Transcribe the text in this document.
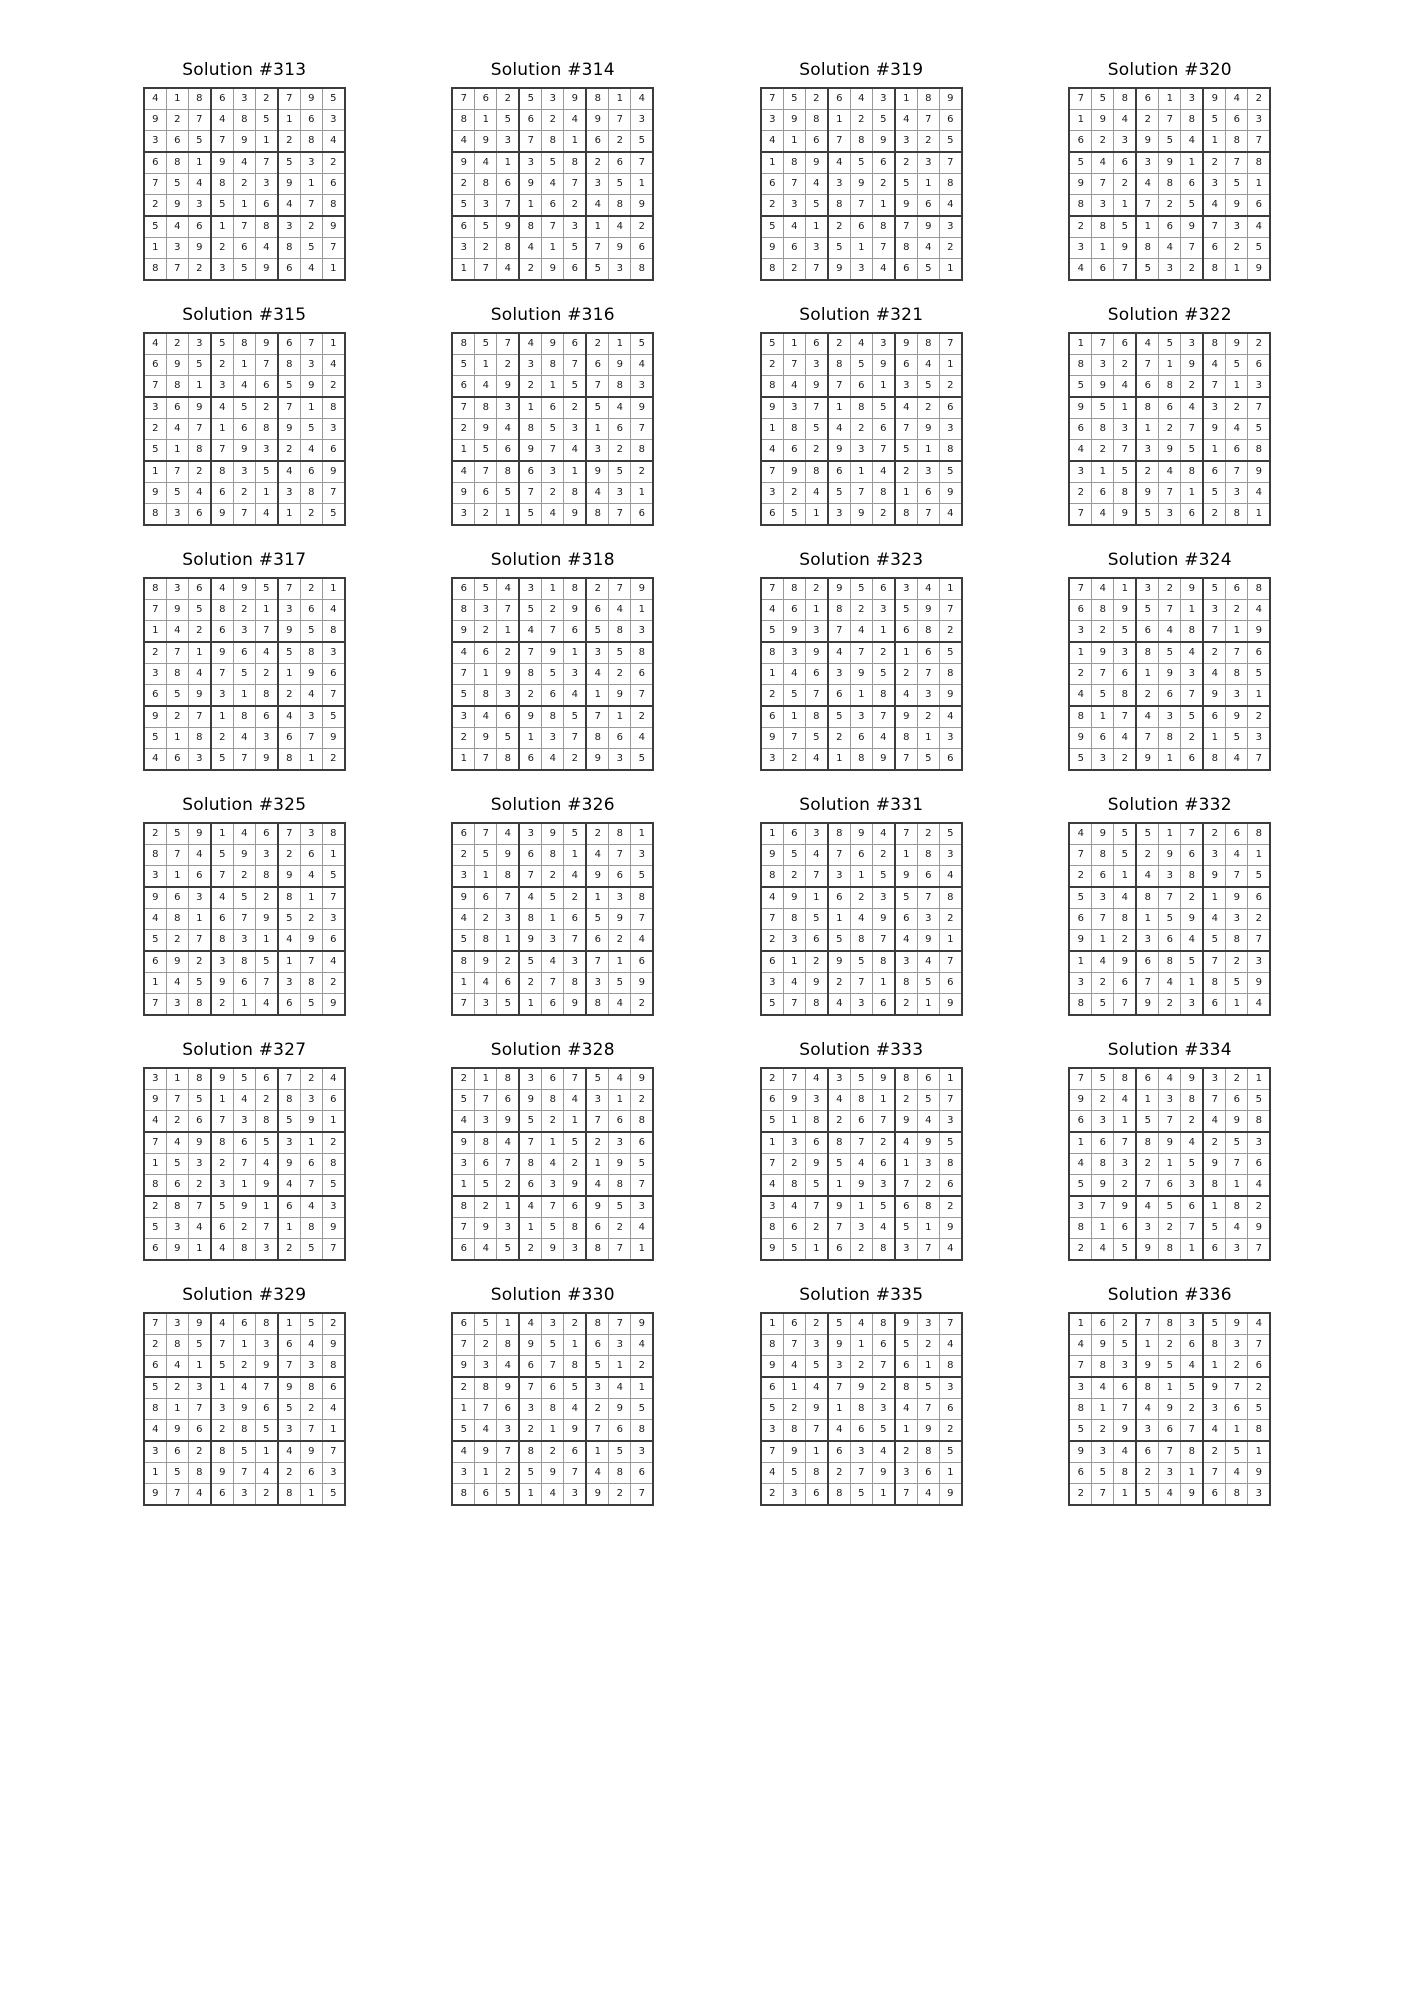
Solution #313
4	1	8	6	3	2	7	9	5
9	2	7	4	8	5	1	6	3
3	6	5	7	9	1	2	8	4
6	8	1	9	4	7	5	3	2
7	5	4	8	2	3	9	1	6
2	9	3	5	1	6	4	7	8
5	4	6	1	7	8	3	2	9
1	3	9	2	6	4	8	5	7
8	7	2	3	5	9	6	4	1
Solution #314
7	6	2	5	3	9	8	1	4
8	1	5	6	2	4	9	7	3
4	9	3	7	8	1	6	2	5
9	4	1	3	5	8	2	6	7
2	8	6	9	4	7	3	5	1
5	3	7	1	6	2	4	8	9
6	5	9	8	7	3	1	4	2
3	2	8	4	1	5	7	9	6
1	7	4	2	9	6	5	3	8
Solution #319
7	5	2	6	4	3	1	8	9
3	9	8	1	2	5	4	7	6
4	1	6	7	8	9	3	2	5
1	8	9	4	5	6	2	3	7
6	7	4	3	9	2	5	1	8
2	3	5	8	7	1	9	6	4
5	4	1	2	6	8	7	9	3
9	6	3	5	1	7	8	4	2
8	2	7	9	3	4	6	5	1
Solution #320
7	5	8	6	1	3	9	4	2
1	9	4	2	7	8	5	6	3
6	2	3	9	5	4	1	8	7
5	4	6	3	9	1	2	7	8
9	7	2	4	8	6	3	5	1
8	3	1	7	2	5	4	9	6
2	8	5	1	6	9	7	3	4
3	1	9	8	4	7	6	2	5
4	6	7	5	3	2	8	1	9
Solution #315
4	2	3	5	8	9	6	7	1
6	9	5	2	1	7	8	3	4
7	8	1	3	4	6	5	9	2
3	6	9	4	5	2	7	1	8
2	4	7	1	6	8	9	5	3
5	1	8	7	9	3	2	4	6
1	7	2	8	3	5	4	6	9
9	5	4	6	2	1	3	8	7
8	3	6	9	7	4	1	2	5
Solution #316
8	5	7	4	9	6	2	1	5
5	1	2	3	8	7	6	9	4
6	4	9	2	1	5	7	8	3
7	8	3	1	6	2	5	4	9
2	9	4	8	5	3	1	6	7
1	5	6	9	7	4	3	2	8
4	7	8	6	3	1	9	5	2
9	6	5	7	2	8	4	3	1
3	2	1	5	4	9	8	7	6
Solution #321
5	1	6	2	4	3	9	8	7
2	7	3	8	5	9	6	4	1
8	4	9	7	6	1	3	5	2
9	3	7	1	8	5	4	2	6
1	8	5	4	2	6	7	9	3
4	6	2	9	3	7	5	1	8
7	9	8	6	1	4	2	3	5
3	2	4	5	7	8	1	6	9
6	5	1	3	9	2	8	7	4
Solution #322
1	7	6	4	5	3	8	9	2
8	3	2	7	1	9	4	5	6
5	9	4	6	8	2	7	1	3
9	5	1	8	6	4	3	2	7
6	8	3	1	2	7	9	4	5
4	2	7	3	9	5	1	6	8
3	1	5	2	4	8	6	7	9
2	6	8	9	7	1	5	3	4
7	4	9	5	3	6	2	8	1
Solution #317
8	3	6	4	9	5	7	2	1
7	9	5	8	2	1	3	6	4
1	4	2	6	3	7	9	5	8
2	7	1	9	6	4	5	8	3
3	8	4	7	5	2	1	9	6
6	5	9	3	1	8	2	4	7
9	2	7	1	8	6	4	3	5
5	1	8	2	4	3	6	7	9
4	6	3	5	7	9	8	1	2
Solution #318
6	5	4	3	1	8	2	7	9
8	3	7	5	2	9	6	4	1
9	2	1	4	7	6	5	8	3
4	6	2	7	9	1	3	5	8
7	1	9	8	5	3	4	2	6
5	8	3	2	6	4	1	9	7
3	4	6	9	8	5	7	1	2
2	9	5	1	3	7	8	6	4
1	7	8	6	4	2	9	3	5
Solution #323
7	8	2	9	5	6	3	4	1
4	6	1	8	2	3	5	9	7
5	9	3	7	4	1	6	8	2
8	3	9	4	7	2	1	6	5
1	4	6	3	9	5	2	7	8
2	5	7	6	1	8	4	3	9
6	1	8	5	3	7	9	2	4
9	7	5	2	6	4	8	1	3
3	2	4	1	8	9	7	5	6
Solution #324
7	4	1	3	2	9	5	6	8
6	8	9	5	7	1	3	2	4
3	2	5	6	4	8	7	1	9
1	9	3	8	5	4	2	7	6
2	7	6	1	9	3	4	8	5
4	5	8	2	6	7	9	3	1
8	1	7	4	3	5	6	9	2
9	6	4	7	8	2	1	5	3
5	3	2	9	1	6	8	4	7
Solution #325
2	5	9	1	4	6	7	3	8
8	7	4	5	9	3	2	6	1
3	1	6	7	2	8	9	4	5
9	6	3	4	5	2	8	1	7
4	8	1	6	7	9	5	2	3
5	2	7	8	3	1	4	9	6
6	9	2	3	8	5	1	7	4
1	4	5	9	6	7	3	8	2
7	3	8	2	1	4	6	5	9
Solution #326
6	7	4	3	9	5	2	8	1
2	5	9	6	8	1	4	7	3
3	1	8	7	2	4	9	6	5
9	6	7	4	5	2	1	3	8
4	2	3	8	1	6	5	9	7
5	8	1	9	3	7	6	2	4
8	9	2	5	4	3	7	1	6
1	4	6	2	7	8	3	5	9
7	3	5	1	6	9	8	4	2
Solution #331
1	6	3	8	9	4	7	2	5
9	5	4	7	6	2	1	8	3
8	2	7	3	1	5	9	6	4
4	9	1	6	2	3	5	7	8
7	8	5	1	4	9	6	3	2
2	3	6	5	8	7	4	9	1
6	1	2	9	5	8	3	4	7
3	4	9	2	7	1	8	5	6
5	7	8	4	3	6	2	1	9
Solution #332
4	9	5	5	1	7	2	6	8
7	8	5	2	9	6	3	4	1
2	6	1	4	3	8	9	7	5
5	3	4	8	7	2	1	9	6
6	7	8	1	5	9	4	3	2
9	1	2	3	6	4	5	8	7
1	4	9	6	8	5	7	2	3
3	2	6	7	4	1	8	5	9
8	5	7	9	2	3	6	1	4
Solution #327
3	1	8	9	5	6	7	2	4
9	7	5	1	4	2	8	3	6
4	2	6	7	3	8	5	9	1
7	4	9	8	6	5	3	1	2
1	5	3	2	7	4	9	6	8
8	6	2	3	1	9	4	7	5
2	8	7	5	9	1	6	4	3
5	3	4	6	2	7	1	8	9
6	9	1	4	8	3	2	5	7
Solution #328
2	1	8	3	6	7	5	4	9
5	7	6	9	8	4	3	1	2
4	3	9	5	2	1	7	6	8
9	8	4	7	1	5	2	3	6
3	6	7	8	4	2	1	9	5
1	5	2	6	3	9	4	8	7
8	2	1	4	7	6	9	5	3
7	9	3	1	5	8	6	2	4
6	4	5	2	9	3	8	7	1
Solution #333
2	7	4	3	5	9	8	6	1
6	9	3	4	8	1	2	5	7
5	1	8	2	6	7	9	4	3
1	3	6	8	7	2	4	9	5
7	2	9	5	4	6	1	3	8
4	8	5	1	9	3	7	2	6
3	4	7	9	1	5	6	8	2
8	6	2	7	3	4	5	1	9
9	5	1	6	2	8	3	7	4
Solution #334
7	5	8	6	4	9	3	2	1
9	2	4	1	3	8	7	6	5
6	3	1	5	7	2	4	9	8
1	6	7	8	9	4	2	5	3
4	8	3	2	1	5	9	7	6
5	9	2	7	6	3	8	1	4
3	7	9	4	5	6	1	8	2
8	1	6	3	2	7	5	4	9
2	4	5	9	8	1	6	3	7
Solution #329
7	3	9	4	6	8	1	5	2
2	8	5	7	1	3	6	4	9
6	4	1	5	2	9	7	3	8
5	2	3	1	4	7	9	8	6
8	1	7	3	9	6	5	2	4
4	9	6	2	8	5	3	7	1
3	6	2	8	5	1	4	9	7
1	5	8	9	7	4	2	6	3
9	7	4	6	3	2	8	1	5
Solution #330
6	5	1	4	3	2	8	7	9
7	2	8	9	5	1	6	3	4
9	3	4	6	7	8	5	1	2
2	8	9	7	6	5	3	4	1
1	7	6	3	8	4	2	9	5
5	4	3	2	1	9	7	6	8
4	9	7	8	2	6	1	5	3
3	1	2	5	9	7	4	8	6
8	6	5	1	4	3	9	2	7
Solution #335
1	6	2	5	4	8	9	3	7
8	7	3	9	1	6	5	2	4
9	4	5	3	2	7	6	1	8
6	1	4	7	9	2	8	5	3
5	2	9	1	8	3	4	7	6
3	8	7	4	6	5	1	9	2
7	9	1	6	3	4	2	8	5
4	5	8	2	7	9	3	6	1
2	3	6	8	5	1	7	4	9
Solution #336
1	6	2	7	8	3	5	9	4
4	9	5	1	2	6	8	3	7
7	8	3	9	5	4	1	2	6
3	4	6	8	1	5	9	7	2
8	1	7	4	9	2	3	6	5
5	2	9	3	6	7	4	1	8
9	3	4	6	7	8	2	5	1
6	5	8	2	3	1	7	4	9
2	7	1	5	4	9	6	8	3
